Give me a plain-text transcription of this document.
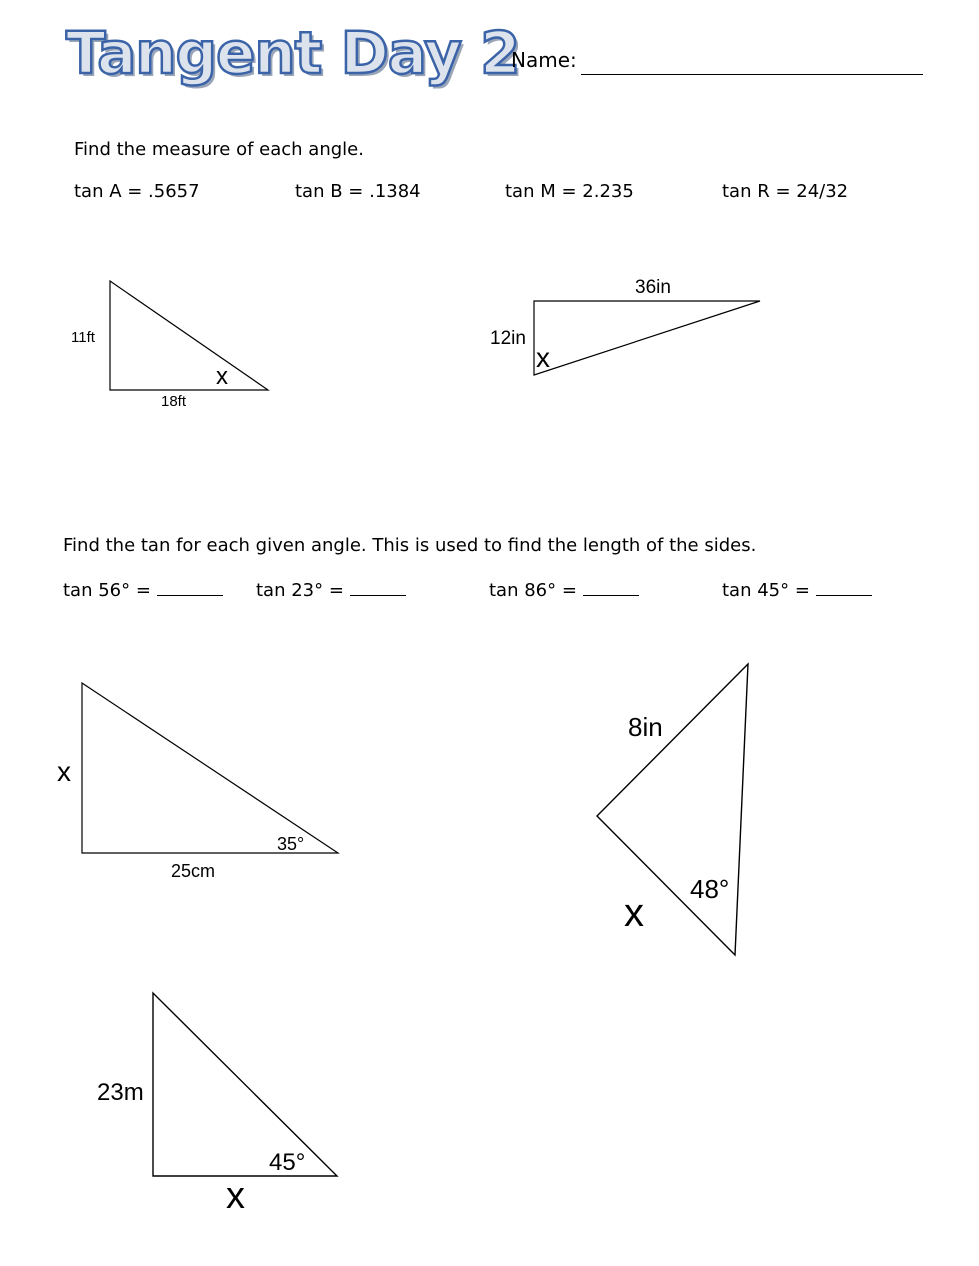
Tangent Day 2
Name:
Find the measure of each angle.
tan A = .5657	tan B = .1384	tan M = 2.235	tan R = 24/32
Find the tan for each given angle. This is used to find the length of the sides.
tan 56° =	tan 23° =	tan 86° =	tan 45° =
11ft
18ft
x
36in
12in
x
x
25cm
35°
8in
x
48°
23m
x
45°
